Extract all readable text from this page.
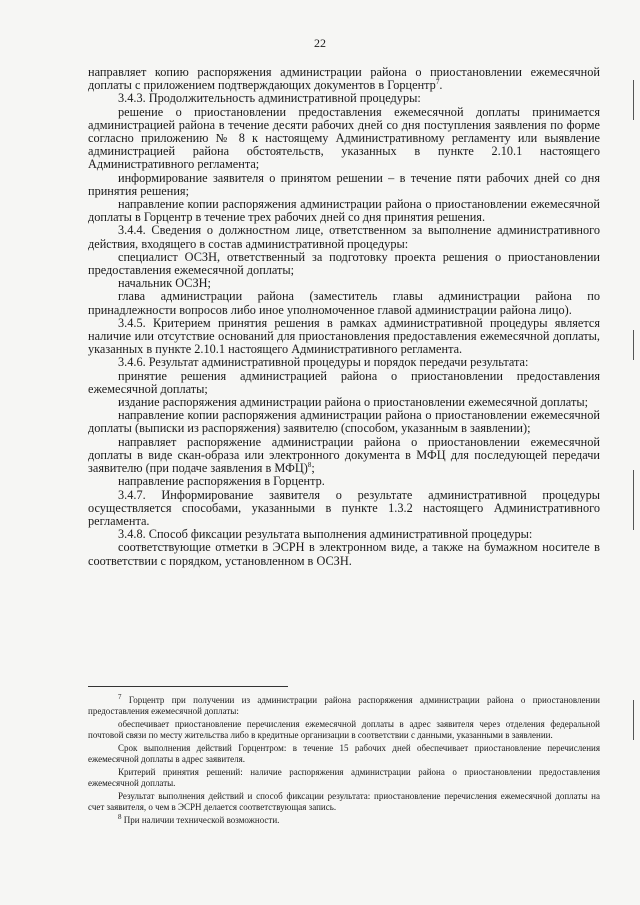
22

направляет копию распоряжения администрации района о приостановлении ежемесячной доплаты с приложением подтверждающих документов в Горцентр$^7$.

3.4.3. Продолжительность административной процедуры:

решение о приостановлении предоставления ежемесячной доплаты принимается администрацией района в течение десяти рабочих дней со дня поступления заявления по форме согласно приложению № 8 к настоящему Административному регламенту или выявление администрацией района обстоятельств, указанных в пункте 2.10.1 настоящего Административного регламента;

информирование заявителя о принятом решении – в течение пяти рабочих дней со дня принятия решения;

направление копии распоряжения администрации района о приостановлении ежемесячной доплаты в Горцентр в течение трех рабочих дней со дня принятия решения.

3.4.4. Сведения о должностном лице, ответственном за выполнение административного действия, входящего в состав административной процедуры:

специалист ОСЗН, ответственный за подготовку проекта решения о приостановлении предоставления ежемесячной доплаты;

начальник ОСЗН;

глава администрации района (заместитель главы администрации района по принадлежности вопросов либо иное уполномоченное главой администрации района лицо).

3.4.5. Критерием принятия решения в рамках административной процедуры является наличие или отсутствие оснований для приостановления предоставления ежемесячной доплаты, указанных в пункте 2.10.1 настоящего Административного регламента.

3.4.6. Результат административной процедуры и порядок передачи результата:

принятие решения администрацией района о приостановлении предоставления ежемесячной доплаты;

издание распоряжения администрации района о приостановлении ежемесячной доплаты;

направление копии распоряжения администрации района о приостановлении ежемесячной доплаты (выписки из распоряжения) заявителю (способом, указанным в заявлении);

направляет распоряжение администрации района о приостановлении ежемесячной доплаты в виде скан-образа или электронного документа в МФЦ для последующей передачи заявителю (при подаче заявления в МФЦ)$^8$;

направление распоряжения в Горцентр.

3.4.7. Информирование заявителя о результате административной процедуры осуществляется способами, указанными в пункте 1.3.2 настоящего Административного регламента.

3.4.8. Способ фиксации результата выполнения административной процедуры:

соответствующие отметки в ЭСРН в электронном виде, а также на бумажном носителе в соответствии с порядком, установленном в ОСЗН.

$^7$ Горцентр при получении из администрации района распоряжения администрации района о приостановлении предоставления ежемесячной доплаты:

обеспечивает приостановление перечисления ежемесячной доплаты в адрес заявителя через отделения федеральной почтовой связи по месту жительства либо в кредитные организации в соответствии с данными, указанными в заявлении.

Срок выполнения действий Горцентром: в течение 15 рабочих дней обеспечивает приостановление перечисления ежемесячной доплаты в адрес заявителя.

Критерий принятия решений: наличие распоряжения администрации района о приостановлении предоставления ежемесячной доплаты.

Результат выполнения действий и способ фиксации результата: приостановление перечисления ежемесячной доплаты на счет заявителя, о чем в ЭСРН делается соответствующая запись.

$^8$ При наличии технической возможности.
